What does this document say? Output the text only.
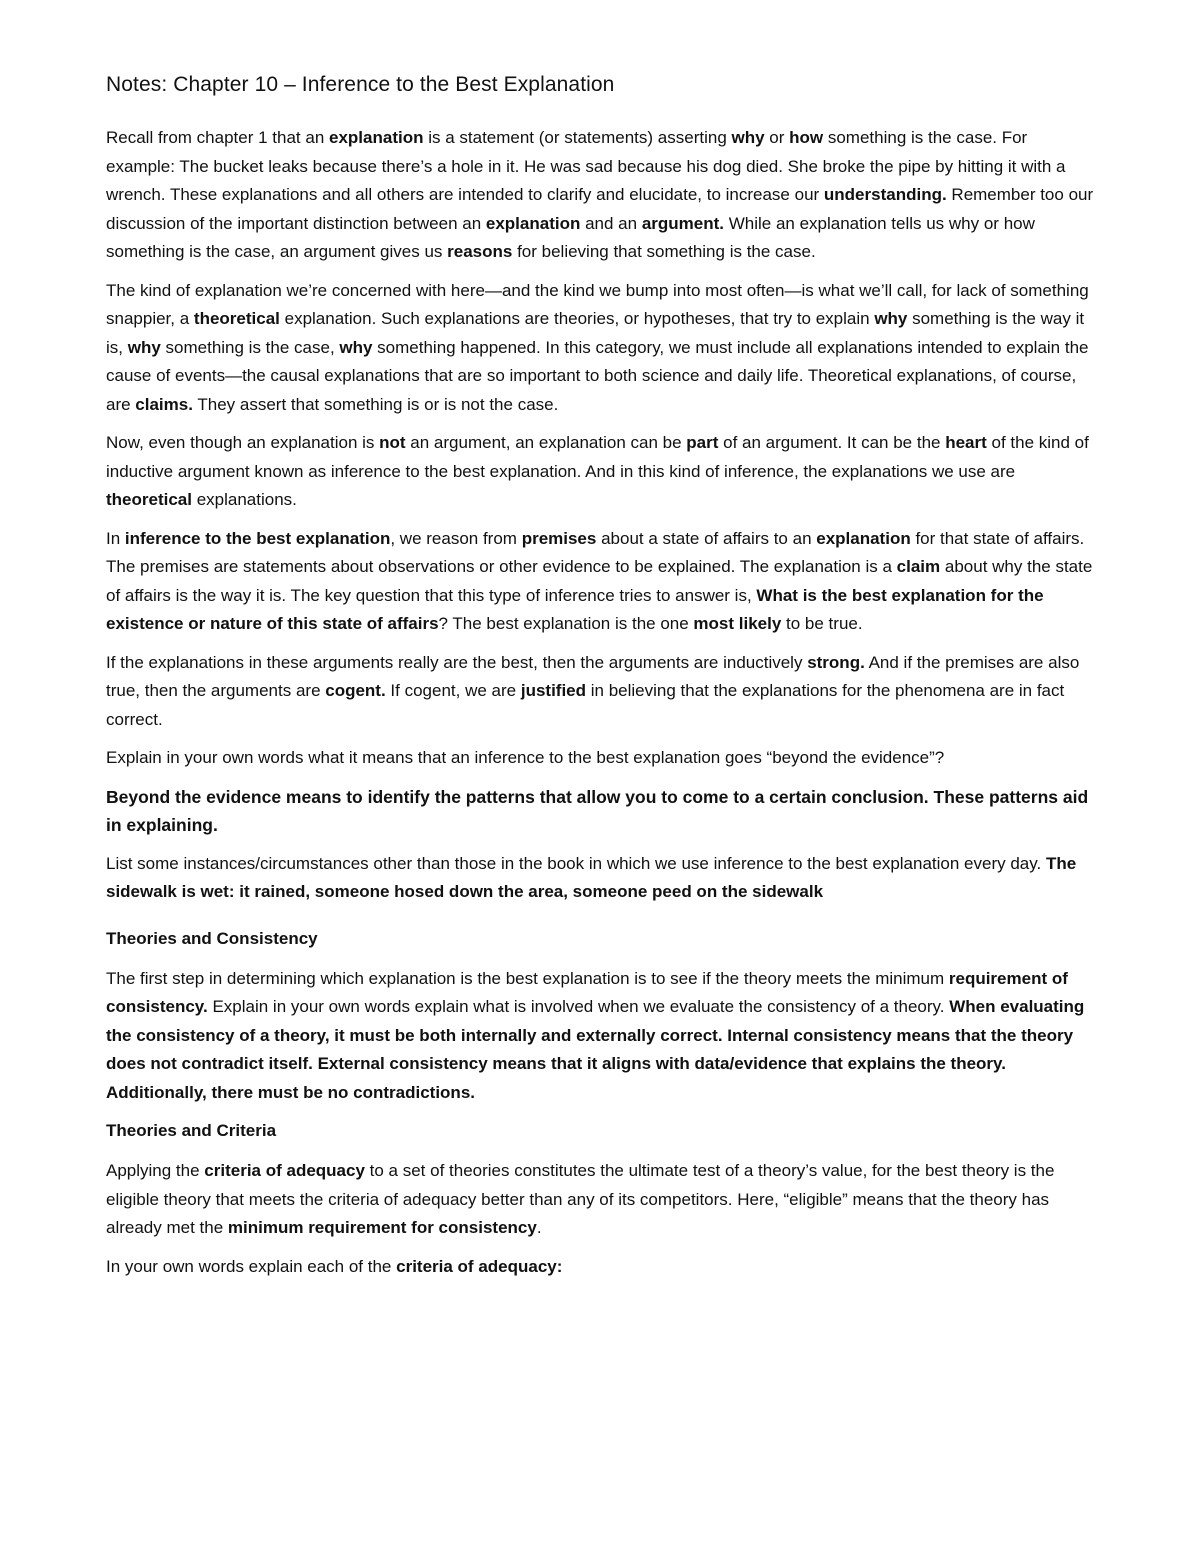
Notes: Chapter 10 – Inference to the Best Explanation

Recall from chapter 1 that an explanation is a statement (or statements) asserting why or how something is the case. For example: The bucket leaks because there’s a hole in it. He was sad because his dog died. She broke the pipe by hitting it with a wrench. These explanations and all others are intended to clarify and elucidate, to increase our understanding. Remember too our discussion of the important distinction between an explanation and an argument. While an explanation tells us why or how something is the case, an argument gives us reasons for believing that something is the case.

The kind of explanation we’re concerned with here—and the kind we bump into most often—is what we’ll call, for lack of something snappier, a theoretical explanation. Such explanations are theories, or hypotheses, that try to explain why something is the way it is, why something is the case, why something happened. In this category, we must include all explanations intended to explain the cause of events—the causal explanations that are so important to both science and daily life. Theoretical explanations, of course, are claims. They assert that something is or is not the case.

Now, even though an explanation is not an argument, an explanation can be part of an argument. It can be the heart of the kind of inductive argument known as inference to the best explanation. And in this kind of inference, the explanations we use are theoretical explanations.

In inference to the best explanation, we reason from premises about a state of affairs to an explanation for that state of affairs. The premises are statements about observations or other evidence to be explained. The explanation is a claim about why the state of affairs is the way it is. The key question that this type of inference tries to answer is, What is the best explanation for the existence or nature of this state of affairs? The best explanation is the one most likely to be true.

If the explanations in these arguments really are the best, then the arguments are inductively strong. And if the premises are also true, then the arguments are cogent. If cogent, we are justified in believing that the explanations for the phenomena are in fact correct.

Explain in your own words what it means that an inference to the best explanation goes “beyond the evidence”?

Beyond the evidence means to identify the patterns that allow you to come to a certain conclusion. These patterns aid in explaining.

List some instances/circumstances other than those in the book in which we use inference to the best explanation every day. The sidewalk is wet: it rained, someone hosed down the area, someone peed on the sidewalk

Theories and Consistency

The first step in determining which explanation is the best explanation is to see if the theory meets the minimum requirement of consistency. Explain in your own words explain what is involved when we evaluate the consistency of a theory. When evaluating the consistency of a theory, it must be both internally and externally correct. Internal consistency means that the theory does not contradict itself. External consistency means that it aligns with data/evidence that explains the theory. Additionally, there must be no contradictions.

Theories and Criteria

Applying the criteria of adequacy to a set of theories constitutes the ultimate test of a theory’s value, for the best theory is the eligible theory that meets the criteria of adequacy better than any of its competitors. Here, “eligible” means that the theory has already met the minimum requirement for consistency.

In your own words explain each of the criteria of adequacy:
